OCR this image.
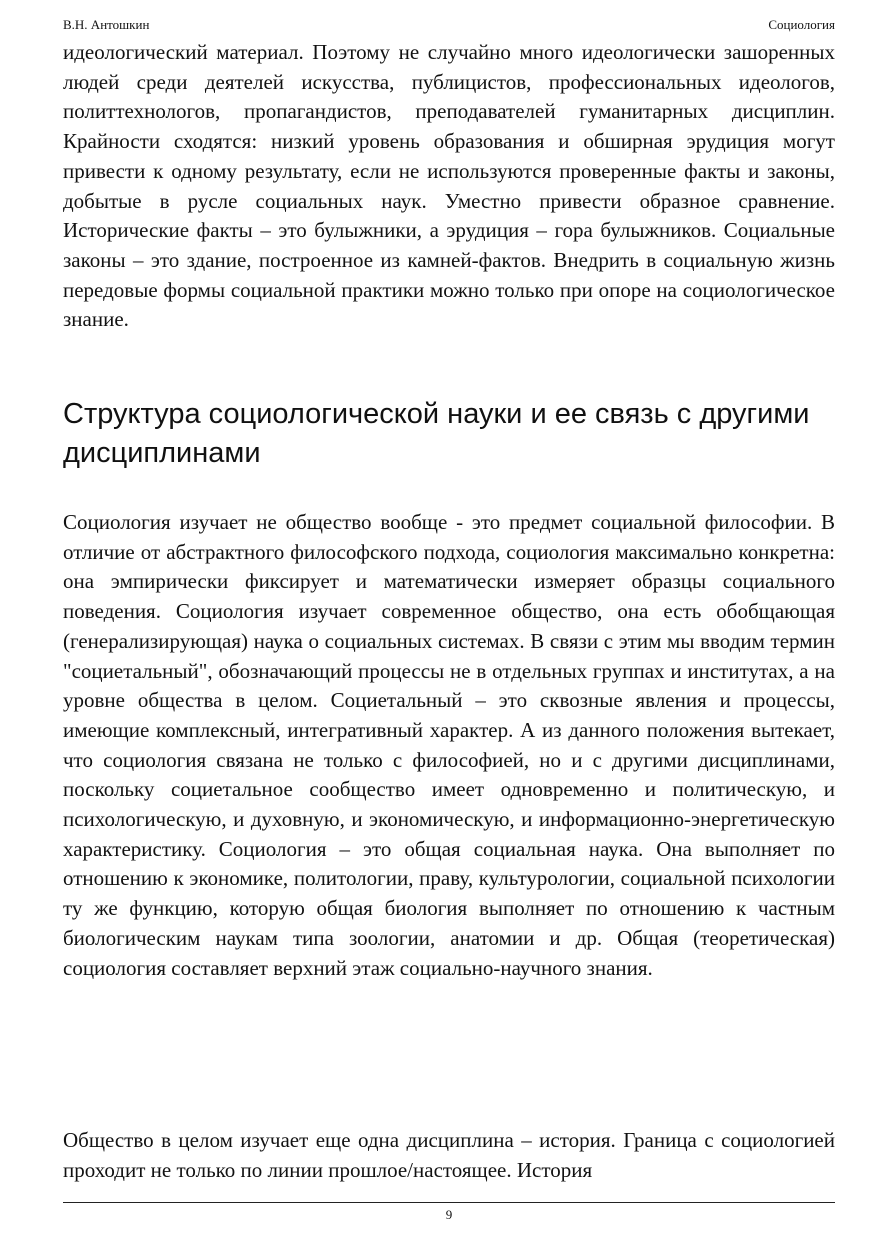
В.Н. Антошкин	Социология

идеологический материал. Поэтому не случайно много идеологически зашоренных людей среди деятелей искусства, публицистов, профессиональных идеологов, политтехнологов, пропагандистов, преподавателей гуманитарных дисциплин. Крайности сходятся: низкий уровень образования и обширная эрудиция могут привести к одному результату, если не используются проверенные факты и законы, добытые в русле социальных наук. Уместно привести образное сравнение. Исторические факты – это булыжники, а эрудиция – гора булыжников. Социальные законы – это здание, построенное из камней-фактов. Внедрить в социальную жизнь передовые формы социальной практики можно только при опоре на социологическое знание.

Структура социологической науки и ее связь с другими дисциплинами

Социология изучает не общество вообще - это предмет социальной философии. В отличие от абстрактного философского подхода, социология максимально конкретна: она эмпирически фиксирует и математически измеряет образцы социального поведения. Социология изучает современное общество, она есть обобщающая (генерализирующая) наука о социальных системах. В связи с этим мы вводим термин "социетальный", обозначающий процессы не в отдельных группах и институтах, а на уровне общества в целом. Социетальный – это сквозные явления и процессы, имеющие комплексный, интегративный характер. А из данного положения вытекает, что социология связана не только с философией, но и с другими дисциплинами, поскольку социетальное сообщество имеет одновременно и политическую, и психологическую, и духовную, и экономическую, и информационно-энергетическую характеристику. Социология – это общая социальная наука. Она выполняет по отношению к экономике, политологии, праву, культурологии, социальной психологии ту же функцию, которую общая биология выполняет по отношению к частным биологическим наукам типа зоологии, анатомии и др. Общая (теоретическая) социология составляет верхний этаж социально-научного знания.

Общество в целом изучает еще одна дисциплина – история. Граница с социологией проходит не только по линии прошлое/настоящее. История

9
